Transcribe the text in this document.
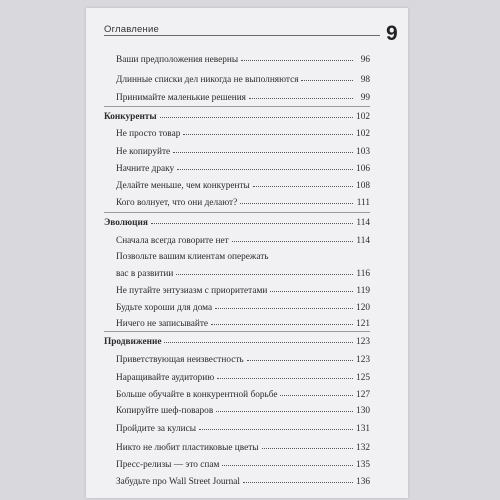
Оглавление	9
Ваши предположения неверны	96
Длинные списки дел никогда не выполняются	98
Принимайте маленькие решения	99
Конкуренты	102
Не просто товар	102
Не копируйте	103
Начните драку	106
Делайте меньше, чем конкуренты	108
Кого волнует, что они делают?	111
Эволюция	114
Сначала всегда говорите нет	114
Позвольте вашим клиентам опережать
вас в развитии	116
Не путайте энтузиазм с приоритетами	119
Будьте хороши для дома	120
Ничего не записывайте	121
Продвижение	123
Приветствующая неизвестность	123
Наращивайте аудиторию	125
Больше обучайте в конкурентной борьбе	127
Копируйте шеф-поваров	130
Пройдите за кулисы	131
Никто не любит пластиковые цветы	132
Пресс-релизы — это спам	135
Забудьте про Wall Street Journal	136
